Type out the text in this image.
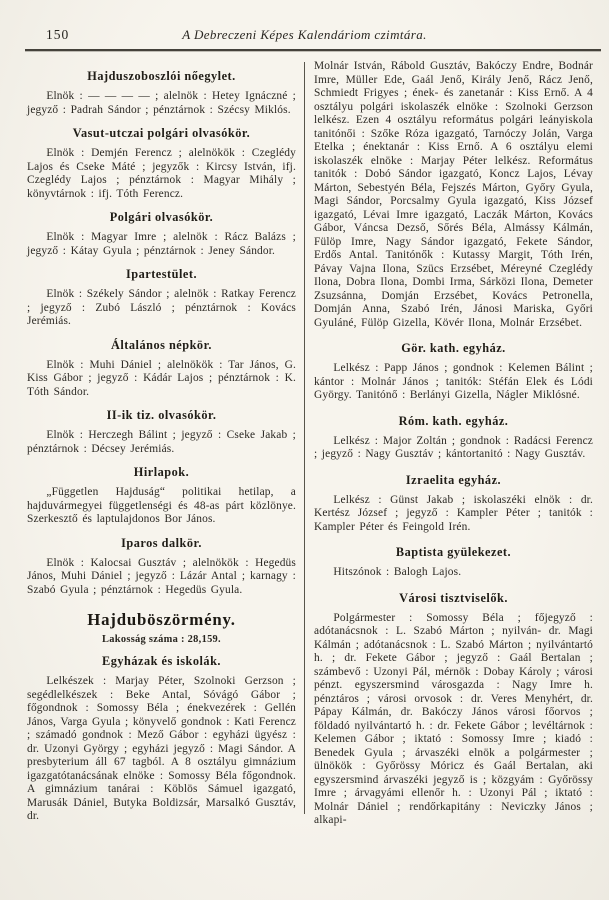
150	A Debreczeni Képes Kalendáriom czimtára.
Hajduszoboszlói nőegylet.

Elnök : — — — — ; alelnök : Hetey Ignáczné ; jegyző : Padrah Sándor ; pénztárnok : Szécsy Miklós.

Vasut-utczai polgári olvasókör.

Elnök : Demjén Ferencz ; alelnökök : Czeglédy Lajos és Cseke Máté ; jegyzők : Kircsy István, ifj. Czeglédy Lajos ; pénztárnok : Magyar Mihály ; könyvtárnok : ifj. Tóth Ferencz.

Polgári olvasókör.

Elnök : Magyar Imre ; alelnök : Rácz Balázs ; jegyző : Kátay Gyula ; pénztárnok : Jeney Sándor.

Ipartestület.

Elnök : Székely Sándor ; alelnök : Ratkay Ferencz ; jegyző : Zubó László ; pénztárnok : Kovács Jerémiás.

Általános népkör.

Elnök : Muhi Dániel ; alelnökök : Tar János, G. Kiss Gábor ; jegyző : Kádár Lajos ; pénztárnok : K. Tóth Sándor.

II-ik tiz. olvasókör.

Elnök : Herczegh Bálint ; jegyző : Cseke Jakab ; pénztárnok : Décsey Jerémiás.

Hirlapok.

„Független Hajduság“ politikai hetilap, a hajduvármegyei függetlenségi és 48-as párt közlönye. Szerkesztő és laptulajdonos Bor János.

Iparos dalkör.

Elnök : Kalocsai Gusztáv ; alelnökök : Hegedüs János, Muhi Dániel ; jegyző : Lázár Antal ; karnagy : Szabó Gyula ; pénztárnok : Hegedüs Gyula.

Hajduböszörmény.

Lakosság száma : 28,159.

Egyházak és iskolák.

Lelkészek : Marjay Péter, Szolnoki Gerzson ; segédlelkészek : Beke Antal, Sóvágó Gábor ; főgondnok : Somossy Béla ; énekvezérek : Gellén János, Varga Gyula ; könyvelő gondnok : Kati Ferencz ; számadó gondnok : Mező Gábor : egyházi ügyész : dr. Uzonyi György ; egyházi jegyző : Magi Sándor. A presbyterium áll 67 tagból. A 8 osztályu gimnázium igazgatótanácsának elnöke : Somossy Béla főgondnok. A gimnázium tanárai : Köblös Sámuel igazgató, Marusák Dániel, Butyka Boldizsár, Marsalkó Gusztáv, dr.

Molnár István, Rábold Gusztáv, Bakóczy Endre, Bodnár Imre, Müller Ede, Gaál Jenő, Király Jenő, Rácz Jenő, Schmiedt Frigyes ; ének- és zanetanár : Kiss Ernő. A 4 osztályu polgári iskolaszék elnöke : Szolnoki Gerzson lelkész. Ezen 4 osztályu református polgári leányiskola tanitónői : Szőke Róza igazgató, Tarnóczy Jolán, Varga Etelka ; énektanár : Kiss Ernő. A 6 osztályu elemi iskolaszék elnöke : Marjay Péter lelkész. Református tanitók : Dobó Sándor igazgató, Koncz Lajos, Lévay Márton, Sebestyén Béla, Fejszés Márton, Győry Gyula, Magi Sándor, Porcsalmy Gyula igazgató, Kiss József igazgató, Lévai Imre igazgató, Laczák Márton, Kovács Gábor, Váncsa Dezső, Sőrés Béla, Almássy Kálmán, Fülöp Imre, Nagy Sándor igazgató, Fekete Sándor, Erdős Antal. Tanitónők : Kutassy Margit, Tóth Irén, Pávay Vajna Ilona, Szücs Erzsébet, Méreyné Czeglédy Ilona, Dobra Ilona, Dombi Irma, Sárközi Ilona, Demeter Zsuzsánna, Domján Erzsébet, Kovács Petronella, Domján Anna, Szabó Irén, Jánosi Mariska, Győri Gyuláné, Fülöp Gizella, Kövér Ilona, Molnár Erzsébet.

Gör. kath. egyház.

Lelkész : Papp János ; gondnok : Kelemen Bálint ; kántor : Molnár János ; tanitók: Stéfán Elek és Lódi György. Tanitónő : Berlányi Gizella, Nágler Miklósné.

Róm. kath. egyház.

Lelkész : Major Zoltán ; gondnok : Radácsi Ferencz ; jegyző : Nagy Gusztáv ; kántortanitó : Nagy Gusztáv.

Izraelita egyház.

Lelkész : Günst Jakab ; iskolaszéki elnök : dr. Kertész József ; jegyző : Kampler Péter ; tanitók : Kampler Péter és Feingold Irén.

Baptista gyülekezet.

Hitszónok : Balogh Lajos.

Városi tisztviselők.

Polgármester : Somossy Béla ; főjegyző : adótanácsnok : L. Szabó Márton ; nyilván- dr. Magi Kálmán ; adótanácsnok : L. Szabó Márton ; nyilvántartó h. ; dr. Fekete Gábor ; jegyző : Gaál Bertalan ; számbevő : Uzonyi Pál, mérnök : Dobay Károly ; városi pénzt. egyszersmind városgazda : Nagy Imre h. pénztáros ; városi orvosok : dr. Veres Menyhért, dr. Pápay Kálmán, dr. Bakóczy János városi főorvos ; földadó nyilvántartó h. : dr. Fekete Gábor ; levéltárnok : Kelemen Gábor ; iktató : Somossy Imre ; kiadó : Benedek Gyula ; árvaszéki elnök a polgármester ; ülnökök : Győrössy Móricz és Gaál Bertalan, aki egyszersmind árvaszéki jegyző is ; közgyám : Győrössy Imre ; árvagyámi ellenőr h. : Uzonyi Pál ; iktató : Molnár Dániel ; rendőrkapitány : Neviczky János ; alkapi-
